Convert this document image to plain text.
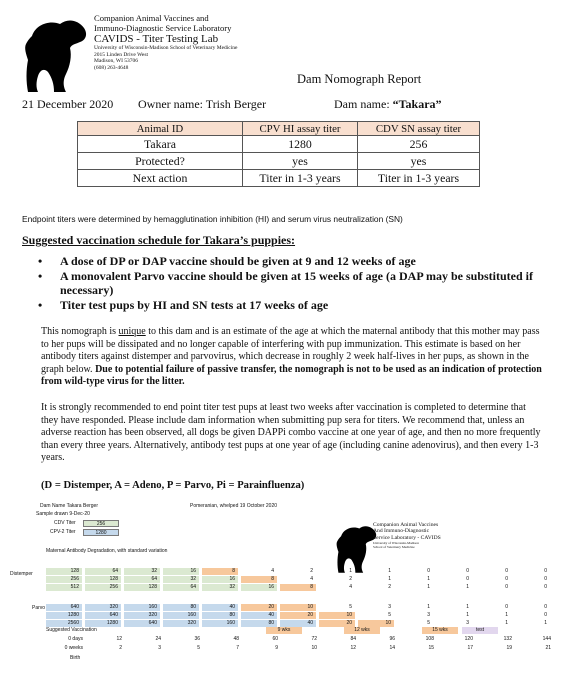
Companion Animal Vaccines and
Immuno-Diagnostic Service Laboratory
CAVIDS - Titer Testing Lab
University of Wisconsin-Madison School of Veterinary Medicine
2015 Linden Drive West
Madison, WI 53706
(608) 263-4648
Dam Nomograph Report
21 December 2020 Owner name: Trish Berger	Dam name: “Takara”
Animal ID	CPV HI assay titer	CDV SN assay titer
Takara	1280	256
Protected?	yes	yes
Next action	Titer in 1-3 years	Titer in 1-3 years
Endpoint titers were determined by hemagglutination inhibition (HI) and serum virus neutralization (SN)
Suggested vaccination schedule for Takara’s puppies:
• A dose of DP or DAP vaccine should be given at 9 and 12 weeks of age
• A monovalent Parvo vaccine should be given at 15 weeks of age (a DAP may be substituted if necessary)
• Titer test pups by HI and SN tests at 17 weeks of age
This nomograph is unique to this dam and is an estimate of the age at which the maternal antibody that this mother may pass to her pups will be dissipated and no longer capable of interfering with pup immunization. This estimate is based on her antibody titers against distemper and parvovirus, which decrease in roughly 2 week half-lives in her pups, as shown in the graph below. Due to potential failure of passive transfer, the nomograph is not to be used as an indication of protection from wild-type virus for the litter.
It is strongly recommended to end point titer test pups at least two weeks after vaccination is completed to determine that they have responded. Please include dam information when submitting pup sera for titers. We recommend that, unless an adverse reaction has been observed, all dogs be given DAPPi combo vaccine at one year of age, and then no more frequently than every three years. Alternatively, antibody test pups at one year of age (including canine adenovirus), and then every 1-3 years.
(D = Distemper, A = Adeno, P = Parvo, Pi = Parainfluenza)
Dam Name Takara Berger	Pomeranian, whelped 19 October 2020
Sample drawn 9-Dec-20
CDV Titer	256
CPV-2 Titer	1280
Maternal Antibody Degradation, with standard variation
Companion Animal Vaccines
And Immuno-Diagnostic
Service Laboratory - CAVIDS
University of Wisconsin-Madison
School of Veterinary Medicine
Distemper
Parvo
128	64	32	16	8	4	2	1	1	0	0	0	0
256	128	64	32	16	8	4	2	1	1	0	0	0
512	256	128	64	32	16	8	4	2	1	1	0	0
640	320	160	80	40	20	10	5	3	1	1	0	0
1280	640	320	160	80	40	20	10	5	3	1	1	0
2560	1280	640	320	160	80	40	20	10	5	3	1	1
Suggested Vaccination	9 wks	12 wks	15 wks	test
0 days
0 weeks
Birth
12	24	36	48	60	72	84	96	108	120	132	144
2	3	5	7	9	10	12	14	15	17	19	21
